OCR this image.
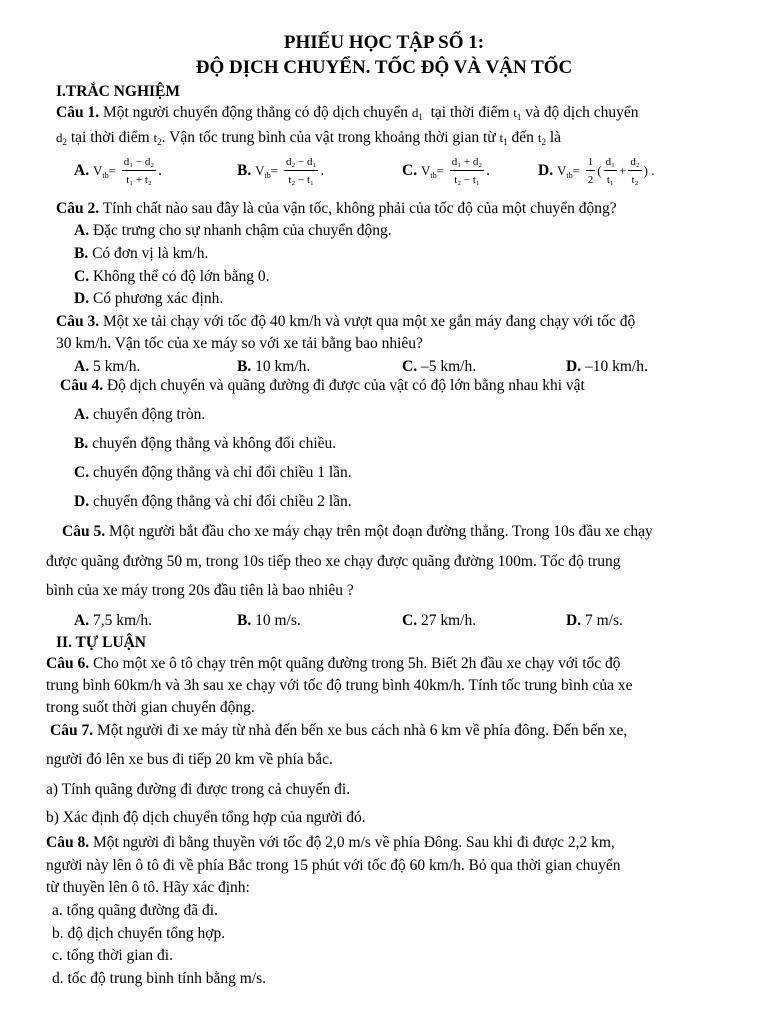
PHIẾU HỌC TẬP SỐ 1:
ĐỘ DỊCH CHUYỂN. TỐC ĐỘ VÀ VẬN TỐC
I.TRẮC NGHIỆM
Câu 1. Một người chuyển động thẳng có độ dịch chuyển $d_1$ tại thời điểm $t_1$ và độ dịch chuyển
$d_2$ tại thời điểm $t_2$. Vận tốc trung bình của vật trong khoảng thời gian từ $t_1$ đến $t_2$ là
A. $Vtb= \frac{\text{d₁ − d₂}}{\text{t₁ + t₂}}$ .	B. $Vtb= \frac{\text{d₂ − d₁}}{\text{t₂ − t₁}}$ .	C. $Vtb= \frac{\text{d₁ + d₂}}{\text{t₂ − t₁}}$ .	D. $Vtb= \frac{1}{2}$ ( $\frac{\text{d₁}}{\text{t₁}} + \frac{\text{d₂}}{\text{t₂}}$ ) .
Câu 2. Tính chất nào sau đây là của vận tốc, không phải của tốc độ của một chuyển động?
A. Đặc trưng cho sự nhanh chậm của chuyển động.
B. Có đơn vị là km/h.
C. Không thể có độ lớn bằng 0.
D. Có phương xác định.
Câu 3. Một xe tải chạy với tốc độ 40 km/h và vượt qua một xe gắn máy đang chạy với tốc độ
30 km/h. Vận tốc của xe máy so với xe tải bằng bao nhiêu?
A. 5 km/h.	B. 10 km/h.	C. –5 km/h.	D. –10 km/h.
Câu 4. Độ dịch chuyển và quãng đường đi được của vật có độ lớn bằng nhau khi vật
A. chuyển động tròn.
B. chuyển động thẳng và không đổi chiều.
C. chuyển động thẳng và chỉ đổi chiều 1 lần.
D. chuyển động thẳng và chỉ đổi chiều 2 lần.
Câu 5. Một người bắt đầu cho xe máy chạy trên một đoạn đường thẳng. Trong 10s đầu xe chạy
được quãng đường 50 m, trong 10s tiếp theo xe chạy được quãng đường 100m. Tốc độ trung
bình của xe máy trong 20s đầu tiên là bao nhiêu ?
A. 7,5 km/h.	B. 10 m/s.	C. 27 km/h.	D. 7 m/s.
II. TỰ LUẬN
Câu 6. Cho một xe ô tô chạy trên một quãng đường trong 5h. Biết 2h đầu xe chạy với tốc độ
trung bình 60km/h và 3h sau xe chạy với tốc độ trung bình 40km/h. Tính tốc trung bình của xe
trong suốt thời gian chuyển động.
Câu 7. Một người đi xe máy từ nhà đến bến xe bus cách nhà 6 km về phía đông. Đến bến xe,
người đó lên xe bus đi tiếp 20 km về phía bắc.
a) Tính quãng đường đi được trong cả chuyến đi.
b) Xác định độ dịch chuyển tổng hợp của người đó.
Câu 8. Một người đi bằng thuyền với tốc độ 2,0 m/s về phía Đông. Sau khi đi được 2,2 km,
người này lên ô tô đi về phía Bắc trong 15 phút với tốc độ 60 km/h. Bỏ qua thời gian chuyển
từ thuyền lên ô tô. Hãy xác định:
a. tổng quãng đường đã đi.
b. độ dịch chuyển tổng hợp.
c. tổng thời gian đi.
d. tốc độ trung bình tính bằng m/s.
